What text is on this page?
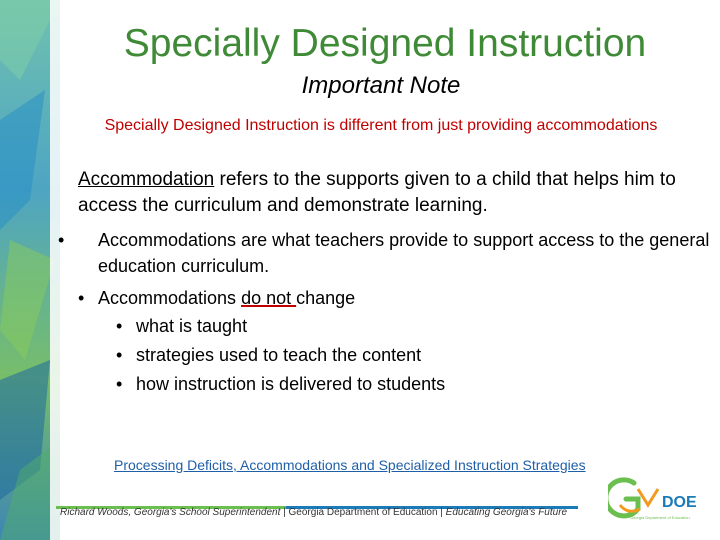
Specially Designed Instruction
Important Note
Specially Designed Instruction is different from just providing accommodations
Accommodation refers to the supports given to a child that helps him to access the curriculum and demonstrate learning.
• Accommodations are what teachers provide to support access to the general education curriculum.
• Accommodations do not change
• what is taught
• strategies used to teach the content
• how instruction is delivered to students
Processing Deficits, Accommodations and Specialized Instruction Strategies
Richard Woods, Georgia's School Superintendent | Georgia Department of Education | Educating Georgia's Future
DOE
Georgia Department of Education
